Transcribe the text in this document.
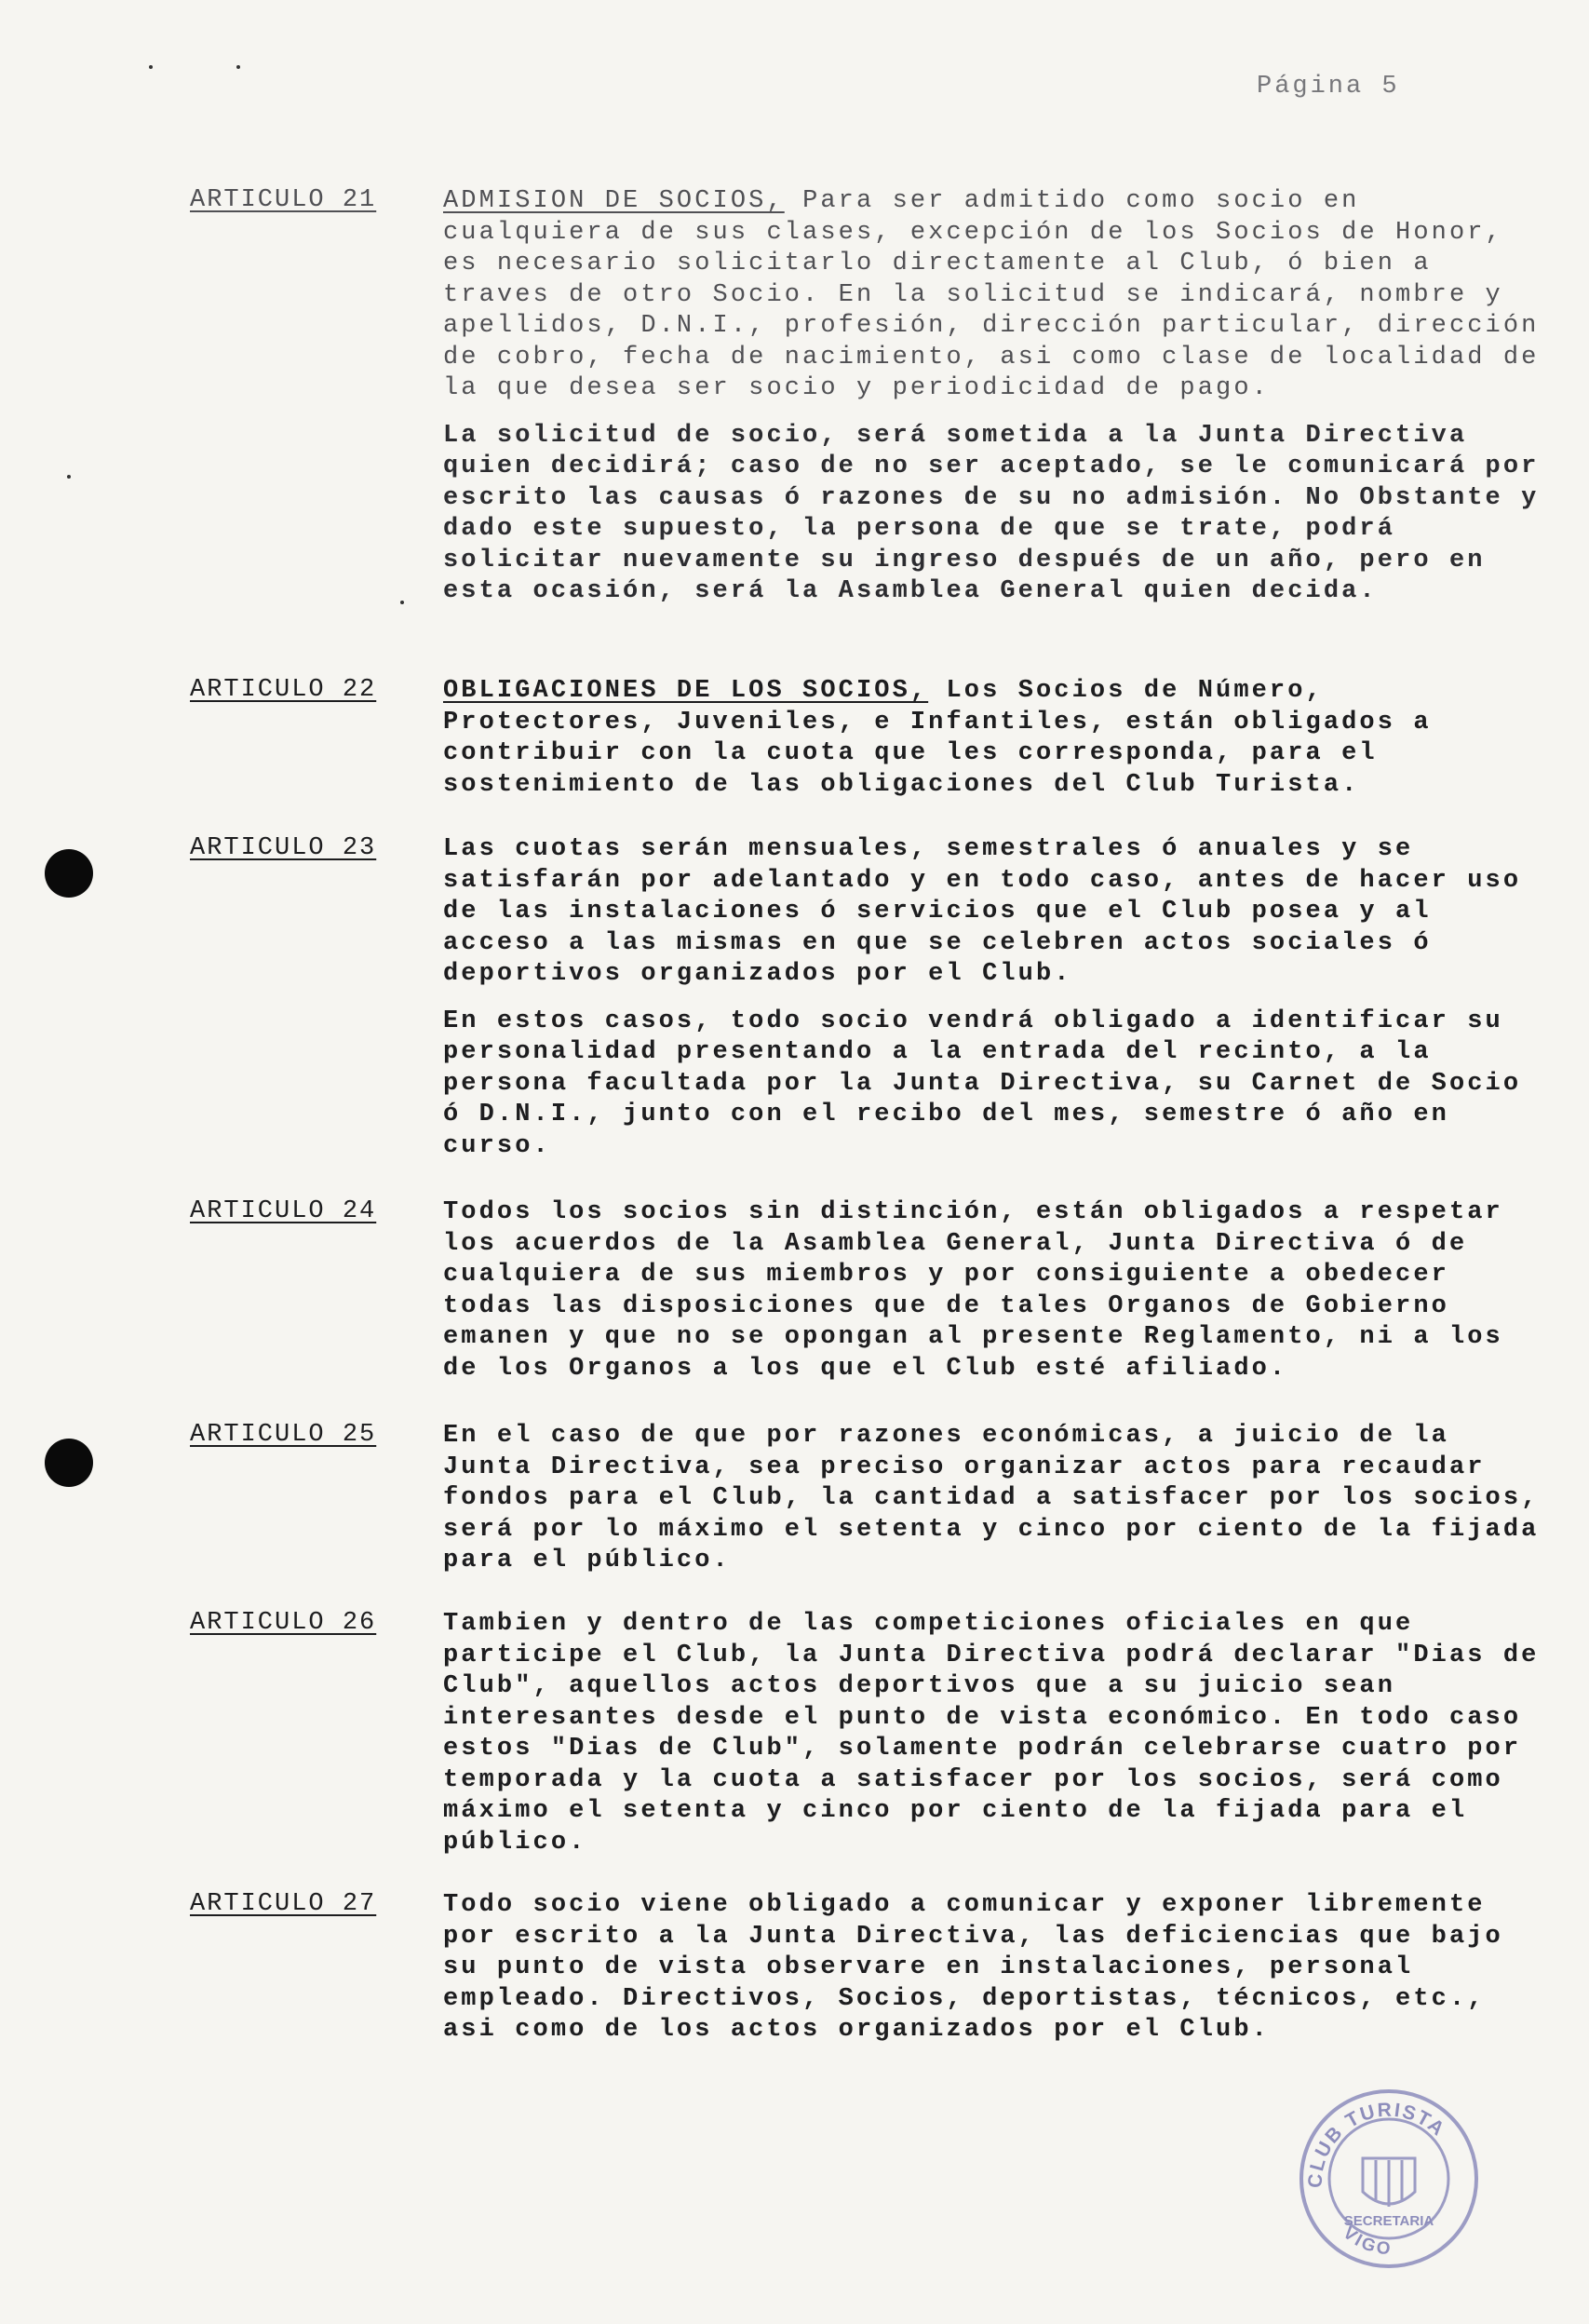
Página 5
ARTICULO 21	ADMISION DE SOCIOS, Para ser admitido como socio en cualquiera de sus clases, excepción de los Socios de Honor, es necesario solicitarlo directamente al Club, ó bien a traves de otro Socio. En la solicitud se indicará, nombre y apellidos, D.N.I., profesión, dirección particular, dirección de cobro, fecha de nacimiento, asi como clase de localidad de la que desea ser socio y periodicidad de pago.

La solicitud de socio, será sometida a la Junta Directiva quien decidirá; caso de no ser aceptado, se le comunicará por escrito las causas ó razones de su no admisión. No Obstante y dado este supuesto, la persona de que se trate, podrá solicitar nuevamente su ingreso después de un año, pero en esta ocasión, será la Asamblea General quien decida.

ARTICULO 22	OBLIGACIONES DE LOS SOCIOS, Los Socios de Número, Protectores, Juveniles, e Infantiles, están obligados a contribuir con la cuota que les corresponda, para el sostenimiento de las obligaciones del Club Turista.

ARTICULO 23	Las cuotas serán mensuales, semestrales ó anuales y se satisfarán por adelantado y en todo caso, antes de hacer uso de las instalaciones ó servicios que el Club posea y al acceso a las mismas en que se celebren actos sociales ó deportivos organizados por el Club.

En estos casos, todo socio vendrá obligado a identificar su personalidad presentando a la entrada del recinto, a la persona facultada por la Junta Directiva, su Carnet de Socio ó D.N.I., junto con el recibo del mes, semestre ó año en curso.

ARTICULO 24	Todos los socios sin distinción, están obligados a respetar los acuerdos de la Asamblea General, Junta Directiva ó de cualquiera de sus miembros y por consiguiente a obedecer todas las disposiciones que de tales Organos de Gobierno emanen y que no se opongan al presente Reglamento, ni a los de los Organos a los que el Club esté afiliado.

ARTICULO 25	En el caso de que por razones económicas, a juicio de la Junta Directiva, sea preciso organizar actos para recaudar fondos para el Club, la cantidad a satisfacer por los socios, será por lo máximo el setenta y cinco por ciento de la fijada para el público.

ARTICULO 26	Tambien y dentro de las competiciones oficiales en que participe el Club, la Junta Directiva podrá declarar "Dias de Club", aquellos actos deportivos que a su juicio sean interesantes desde el punto de vista económico. En todo caso estos "Dias de Club", solamente podrán celebrarse cuatro por temporada y la cuota a satisfacer por los socios, será como máximo el setenta y cinco por ciento de la fijada para el público.

ARTICULO 27	Todo socio viene obligado a comunicar y exponer libremente por escrito a la Junta Directiva, las deficiencias que bajo su punto de vista observare en instalaciones, personal empleado. Directivos, Socios, deportistas, técnicos, etc., asi como de los actos organizados por el Club.

CLUB TURISTA
SECRETARIA
VIGO
